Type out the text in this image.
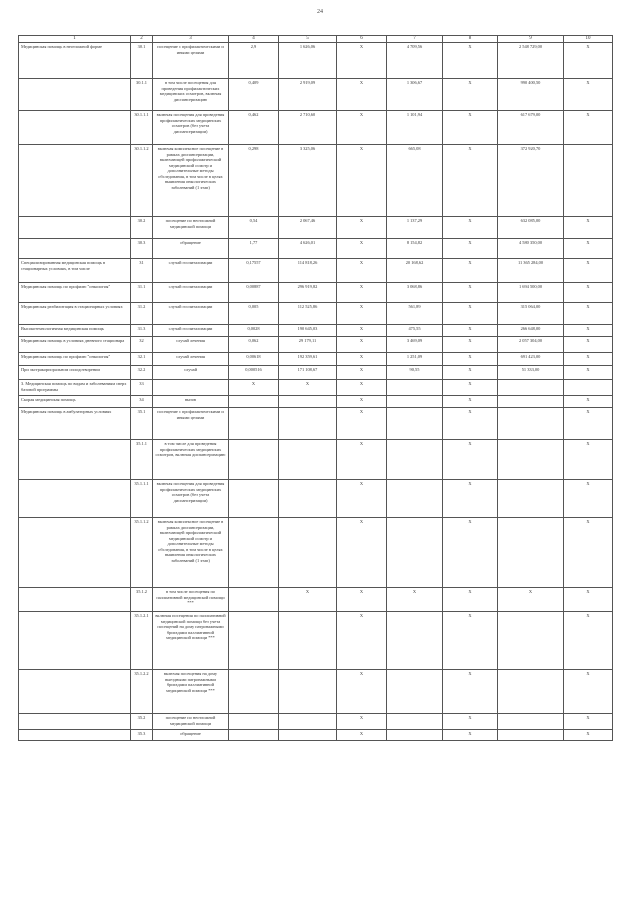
24
1	2	3	4	5	6	7	8	9	10
Медицинская помощь в неотложной форме	30.1	посещение с профилактическими и иными целями	2,9	1 626,06	X	4 709,56	X	2 548 729,00	X
	30.1.1	в том числе посещения для проведения профилактических медицинских осмотров, включая диспансеризацию	0,409	2 919,09	X	1 306,67	X	990 400,50	X
	30.1.1.1	включая посещения для проведения профилактических медицинских осмотров (без учета диспансеризации)	0,462	2 710,60	X	1 101,94	X	617 679,00	X
	30.1.1.2	включая комплексное посещение в рамках диспансеризации, включающей профилактический медицинский осмотр и дополнительные методы обследования, в том числе в целях выявления онкологических заболеваний (1 этап)	0,298	3 325,06	X	665,08	X	372 920,70	
	30.2	посещение по неотложной медицинской помощи	0,54	2 067,46	X	1 137,29	X	632 085,00	X
	30.3	обращение	1,77	4 626,01	X	8 154,82	X	4 580 350,00	X
Специализированная медицинская помощь в стационарных условиях, в том числе	31	случай госпитализации	0,17557	114 818,26	X	20 168,62	X	11 365 284,00	X
Медицинская помощь по профилю "онкология"	31.1	случай госпитализации	0,00887	296 919,82	X	3 068,86	X	1 694 500,00	X
Медицинская реабилитация в стационарных условиях	31.2	случай госпитализации	0,005	112 525,86	X	561,89	X	315 064,00	X
Высокотехнологичная медицинская помощь	31.3	случай госпитализации	0,0028	190 645,03	X	475,55	X	266 648,00	X
Медицинская помощь в условиях дневного стационара	32	случай лечения	0,062	29 179,11	X	3 469,09	X	2 057 304,00	X
Медицинская помощь по профилю "онкология"	32.1	случай лечения	0,00618	192 359,61	X	1 251,09	X	691 423,00	X
При экстракорпоральном оплодотворении	32.2	случай	0,000516	171 108,67	X	90,55	X	51 333,00	X
3. Медицинская помощь по видам и заболеваниям сверх базовой программы	33		X	X	X		X		
Скорая медицинская помощь	34	вызов			X		X		X
Медицинская помощь в амбулаторных условиях	35.1	посещение с профилактическими и иными целями			X		X		X
	35.1.1	в том числе для проведения профилактических медицинских осмотров, включая диспансеризацию			X		X		X
	35.1.1.1	включая посещения для проведения профилактических медицинских осмотров (без учета диспансеризации)			X		X		X
	35.1.1.2	включая комплексное посещение в рамках диспансеризации, включающей профилактический медицинский осмотр и дополнительные методы обследования, в том числе в целях выявления онкологических заболеваний (1 этап)			X		X		X
	35.1.2	в том числе посещения по паллиативной медицинской помощи ***		X	X	X	X	X	X
	35.1.2.1	включая посещения по паллиативной медицинской помощи без учета посещений на дому патронажными бригадами паллиативной медицинской помощи ***			X		X		X
	35.1.2.2	включая посещения на дому выездными патронажными бригадами паллиативной медицинской помощи ***			X		X		X
	35.2	посещение по неотложной медицинской помощи			X		X		X
	35.3	обращение			X		X		X
